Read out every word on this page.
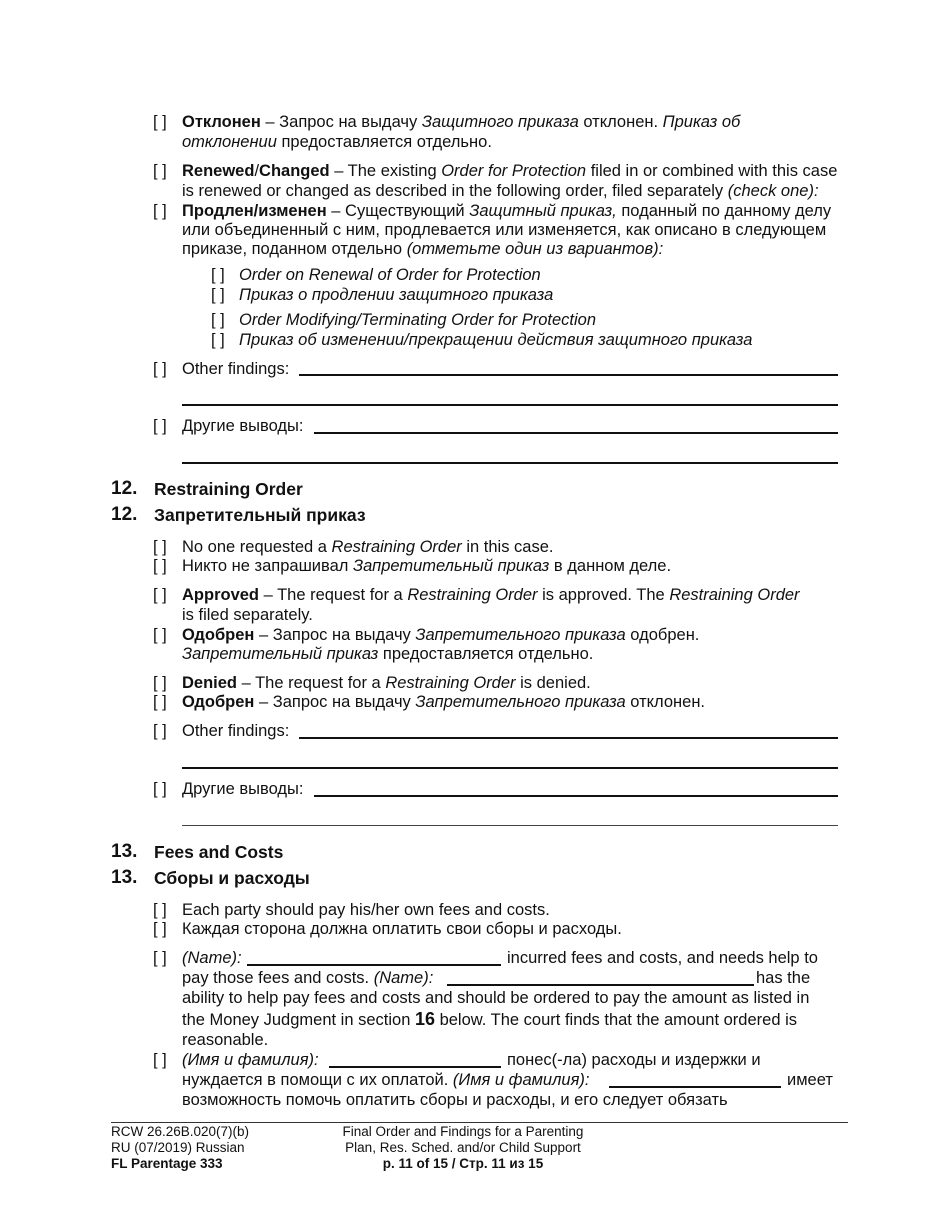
[ ] Отклонен – Запрос на выдачу Защитного приказа отклонен. Приказ об
отклонении предоставляется отдельно.
[ ] Renewed/Changed – The existing Order for Protection filed in or combined with this case
is renewed or changed as described in the following order, filed separately (check one):
[ ] Продлен/изменен – Существующий Защитный приказ, поданный по данному делу
или объединенный с ним, продлевается или изменяется, как описано в следующем
приказе, поданном отдельно (отметьте один из вариантов):
[ ] Order on Renewal of Order for Protection
[ ] Приказ о продлении защитного приказа
[ ] Order Modifying/Terminating Order for Protection
[ ] Приказ об изменении/прекращении действия защитного приказа
[ ] Other findings:
[ ] Другие выводы:
12. Restraining Order
12. Запретительный приказ
[ ] No one requested a Restraining Order in this case.
[ ] Никто не запрашивал Запретительный приказ в данном деле.
[ ] Approved – The request for a Restraining Order is approved. The Restraining Order
is filed separately.
[ ] Одобрен – Запрос на выдачу Запретительного приказа одобрен.
Запретительный приказ предоставляется отдельно.
[ ] Denied – The request for a Restraining Order is denied.
[ ] Одобрен – Запрос на выдачу Запретительного приказа отклонен.
[ ] Other findings:
[ ] Другие выводы:
13. Fees and Costs
13. Сборы и расходы
[ ] Each party should pay his/her own fees and costs.
[ ] Каждая сторона должна оплатить свои сборы и расходы.
[ ] (Name):	incurred fees and costs, and needs help to
pay those fees and costs. (Name):	has the
ability to help pay fees and costs and should be ordered to pay the amount as listed in
the Money Judgment in section 16 below. The court finds that the amount ordered is
reasonable.
[ ] (Имя и фамилия):	понес(-ла) расходы и издержки и
нуждается в помощи с их оплатой. (Имя и фамилия):	имеет
возможность помочь оплатить сборы и расходы, и его следует обязать
RCW 26.26B.020(7)(b)
RU (07/2019) Russian
FL Parentage 333
Final Order and Findings for a Parenting
Plan, Res. Sched. and/or Child Support
p. 11 of 15 / Стр. 11 из 15
